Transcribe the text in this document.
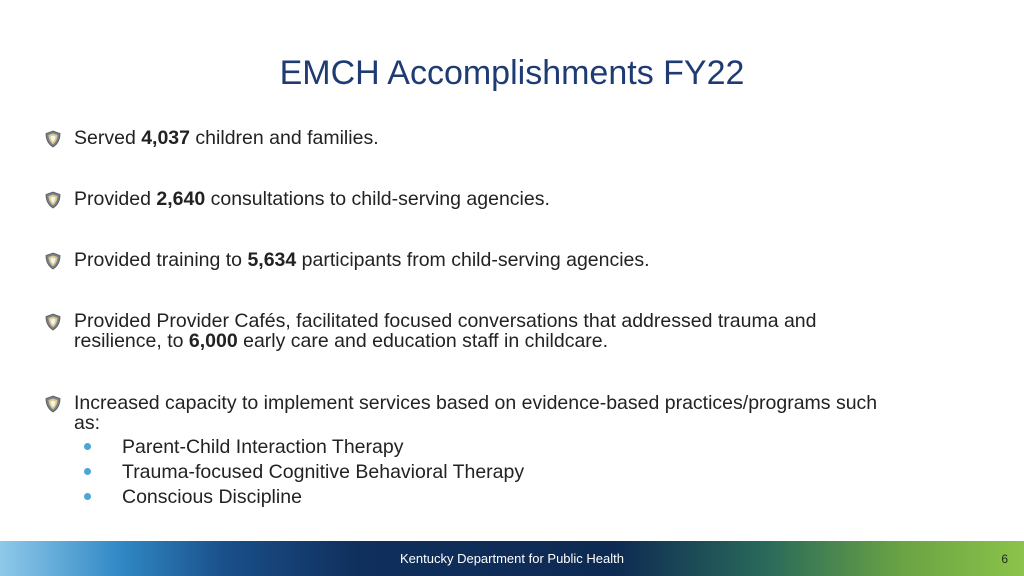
EMCH Accomplishments FY22
Served 4,037 children and families.
Provided 2,640 consultations to child-serving agencies.
Provided training to 5,634 participants from child-serving agencies.
Provided Provider Cafés, facilitated focused conversations that addressed trauma and
resilience, to 6,000 early care and education staff in childcare.
Increased capacity to implement services based on evidence-based practices/programs such
as:
Parent-Child Interaction Therapy
Trauma-focused Cognitive Behavioral Therapy
Conscious Discipline
Kentucky Department for Public Health	6
